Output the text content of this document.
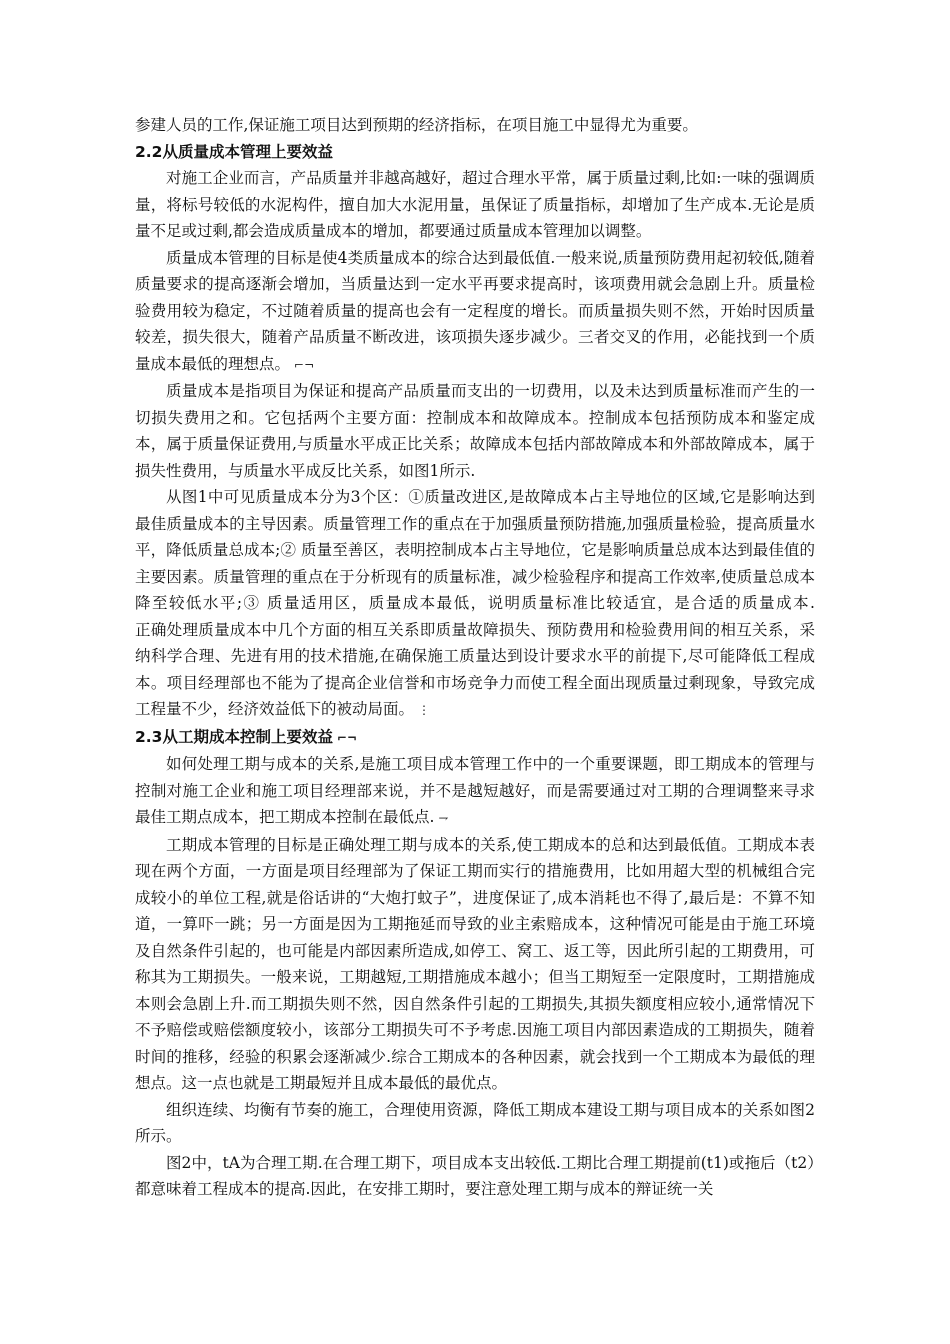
参建人员的工作,保证施工项目达到预期的经济指标，在项目施工中显得尤为重要。

2.2从质量成本管理上要效益

对施工企业而言，产品质量并非越高越好，超过合理水平常，属于质量过剩,比如:一味的强调质量，将标号较低的水泥构件，擅自加大水泥用量，虽保证了质量指标，却增加了生产成本.无论是质量不足或过剩,都会造成质量成本的增加，都要通过质量成本管理加以调整。

质量成本管理的目标是使4类质量成本的综合达到最低值.一般来说,质量预防费用起初较低,随着质量要求的提高逐渐会增加，当质量达到一定水平再要求提高时，该项费用就会急剧上升。质量检验费用较为稳定，不过随着质量的提高也会有一定程度的增长。而质量损失则不然，开始时因质量较差，损失很大，随着产品质量不断改进，该项损失逐步减少。三者交叉的作用，必能找到一个质量成本最低的理想点。 ⌐¬

质量成本是指项目为保证和提高产品质量而支出的一切费用，以及未达到质量标准而产生的一切损失费用之和。它包括两个主要方面：控制成本和故障成本。控制成本包括预防成本和鉴定成本，属于质量保证费用,与质量水平成正比关系；故障成本包括内部故障成本和外部故障成本，属于损失性费用，与质量水平成反比关系，如图1所示.

从图1中可见质量成本分为3个区：①质量改进区,是故障成本占主导地位的区域,它是影响达到最佳质量成本的主导因素。质量管理工作的重点在于加强质量预防措施,加强质量检验，提高质量水平，降低质量总成本;② 质量至善区，表明控制成本占主导地位，它是影响质量总成本达到最佳值的主要因素。质量管理的重点在于分析现有的质量标准，减少检验程序和提高工作效率,使质量总成本降至较低水平;③ 质量适用区，质量成本最低，说明质量标准比较适宜，是合适的质量成本.　　　正确处理质量成本中几个方面的相互关系即质量故障损失、预防费用和检验费用间的相互关系，采纳科学合理、先进有用的技术措施,在确保施工质量达到设计要求水平的前提下,尽可能降低工程成本。项目经理部也不能为了提高企业信誉和市场竞争力而使工程全面出现质量过剩现象，导致完成工程量不少，经济效益低下的被动局面。 ⋮

2.3从工期成本控制上要效益 ⌐¬

如何处理工期与成本的关系,是施工项目成本管理工作中的一个重要课题，即工期成本的管理与控制对施工企业和施工项目经理部来说，并不是越短越好，而是需要通过对工期的合理调整来寻求最佳工期点成本，把工期成本控制在最低点. ⇁

工期成本管理的目标是正确处理工期与成本的关系,使工期成本的总和达到最低值。工期成本表现在两个方面，一方面是项目经理部为了保证工期而实行的措施费用，比如用超大型的机械组合完成较小的单位工程,就是俗话讲的“大炮打蚊子”，进度保证了,成本消耗也不得了,最后是：不算不知道，一算吓一跳；另一方面是因为工期拖延而导致的业主索赔成本，这种情况可能是由于施工环境及自然条件引起的，也可能是内部因素所造成,如停工、窝工、返工等，因此所引起的工期费用，可称其为工期损失。一般来说，工期越短,工期措施成本越小；但当工期短至一定限度时，工期措施成本则会急剧上升.而工期损失则不然，因自然条件引起的工期损失,其损失额度相应较小,通常情况下不予赔偿或赔偿额度较小，该部分工期损失可不予考虑.因施工项目内部因素造成的工期损失，随着时间的推移，经验的积累会逐渐减少.综合工期成本的各种因素，就会找到一个工期成本为最低的理想点。这一点也就是工期最短并且成本最低的最优点。

组织连续、均衡有节奏的施工，合理使用资源，降低工期成本建设工期与项目成本的关系如图2所示。

图2中，tA为合理工期.在合理工期下，项目成本支出较低.工期比合理工期提前(t1)或拖后（t2）都意味着工程成本的提高.因此，在安排工期时，要注意处理工期与成本的辩证统一关
